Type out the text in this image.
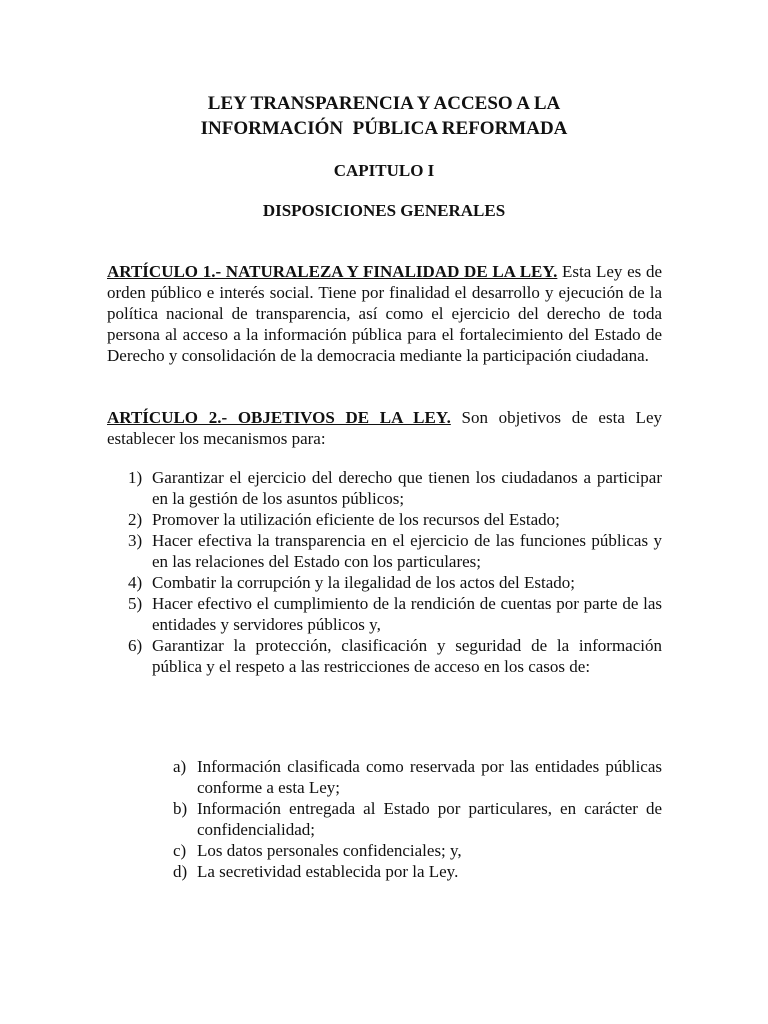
LEY TRANSPARENCIA Y ACCESO A LA
INFORMACIÓN  PÚBLICA REFORMADA
CAPITULO I
DISPOSICIONES GENERALES
ARTÍCULO 1.- NATURALEZA Y FINALIDAD DE LA LEY. Esta Ley es de orden público e interés social. Tiene por finalidad el desarrollo y ejecución de la política nacional de transparencia, así como el ejercicio del derecho de toda persona al acceso a la información pública para el fortalecimiento del Estado de Derecho y consolidación de la democracia mediante la participación ciudadana.
ARTÍCULO 2.- OBJETIVOS DE LA LEY. Son objetivos de esta Ley establecer los mecanismos para:
1) Garantizar el ejercicio del derecho que tienen los ciudadanos a participar en la gestión de los asuntos públicos;
2) Promover la utilización eficiente de los recursos del Estado;
3) Hacer efectiva la transparencia en el ejercicio de las funciones públicas y en las relaciones del Estado con los particulares;
4) Combatir la corrupción y la ilegalidad de los actos del Estado;
5) Hacer efectivo el cumplimiento de la rendición de cuentas por parte de las entidades y servidores públicos y,
6) Garantizar la protección, clasificación y seguridad de la información pública y el respeto a las restricciones de acceso en los casos de:
a) Información clasificada como reservada por las entidades públicas conforme a esta Ley;
b) Información entregada al Estado por particulares, en carácter de confidencialidad;
c) Los datos personales confidenciales; y,
d) La secretividad establecida por la Ley.
